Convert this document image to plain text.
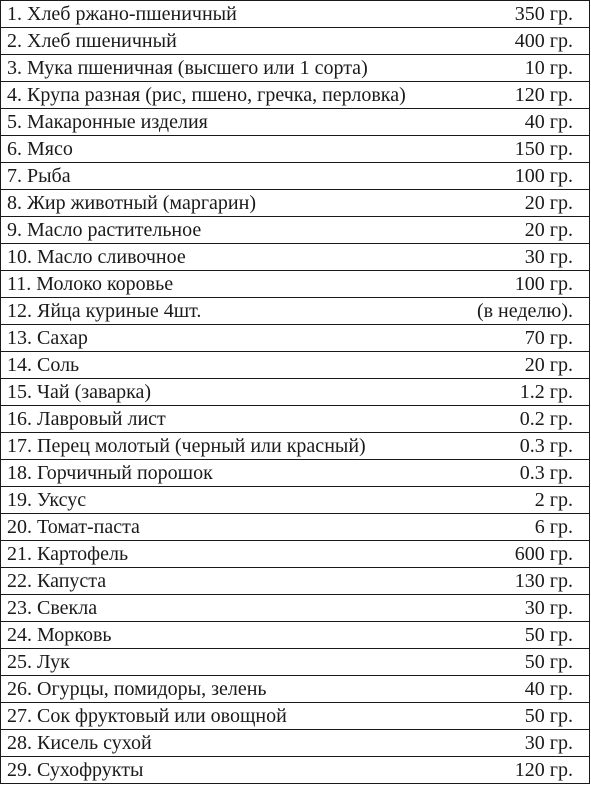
1. Хлеб ржано-пшеничный	350 гр.
2. Хлеб пшеничный	400 гр.
3. Мука пшеничная (высшего или 1 сорта)	10 гр.
4. Крупа разная (рис, пшено, гречка, перловка)	120 гр.
5. Макаронные изделия	40 гр.
6. Мясо	150 гр.
7. Рыба	100 гр.
8. Жир животный (маргарин)	20 гр.
9. Масло растительное	20 гр.
10. Масло сливочное	30 гр.
11. Молоко коровье	100 гр.
12. Яйца куриные 4шт.	(в неделю).
13. Сахар	70 гр.
14. Соль	20 гр.
15. Чай (заварка)	1.2 гр.
16. Лавровый лист	0.2 гр.
17. Перец молотый (черный или красный)	0.3 гр.
18. Горчичный порошок	0.3 гр.
19. Уксус	2 гр.
20. Томат-паста	6 гр.
21. Картофель	600 гр.
22. Капуста	130 гр.
23. Свекла	30 гр.
24. Морковь	50 гр.
25. Лук	50 гр.
26. Огурцы, помидоры, зелень	40 гр.
27. Сок фруктовый или овощной	50 гр.
28. Кисель сухой	30 гр.
29. Сухофрукты	120 гр.
